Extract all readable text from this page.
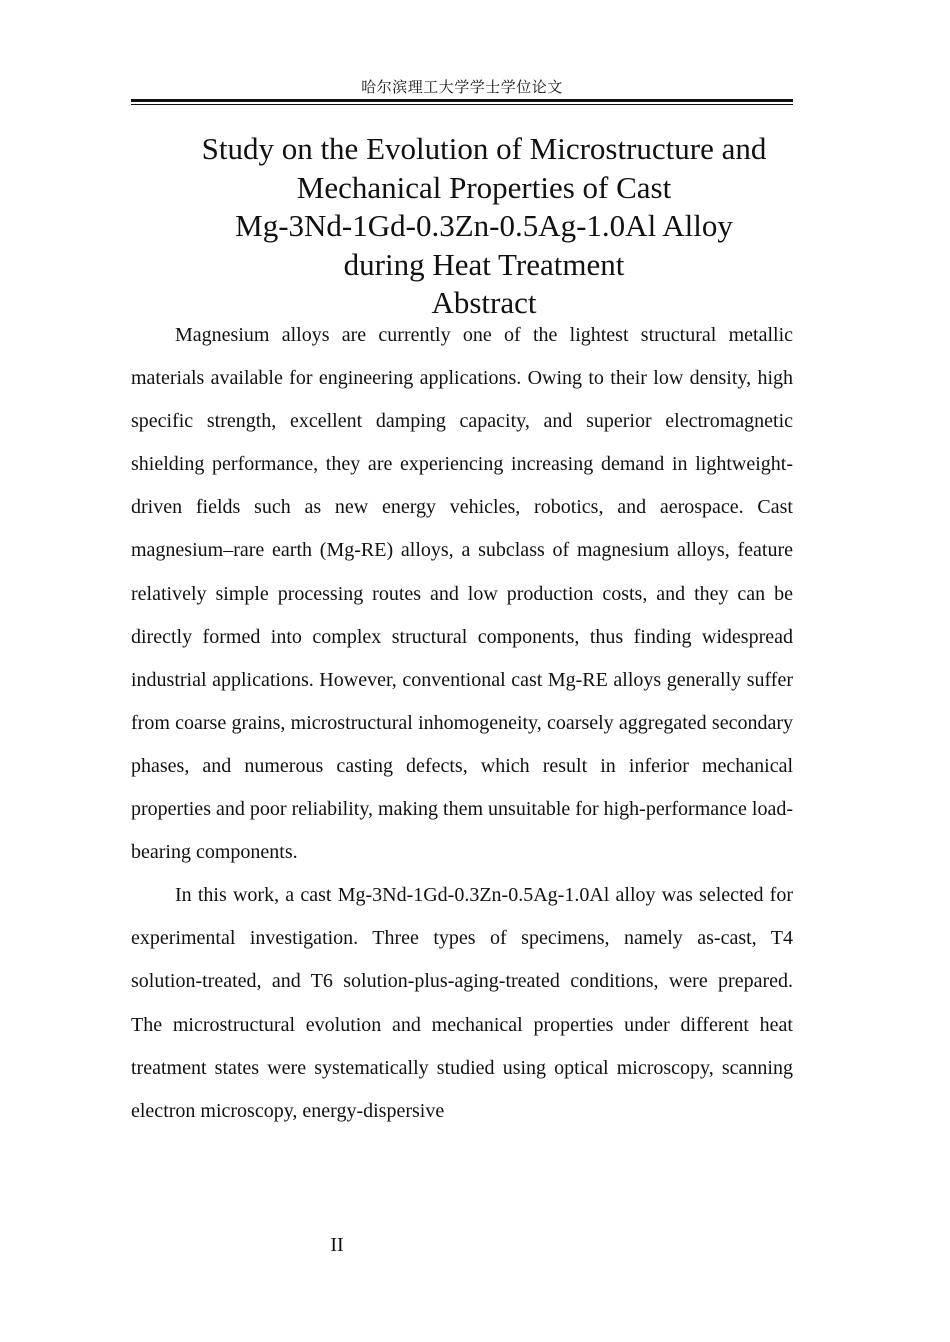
哈尔滨理工大学学士学位论文
Study on the Evolution of Microstructure and
Mechanical Properties of Cast
Mg-3Nd-1Gd-0.3Zn-0.5Ag-1.0Al Alloy
during Heat Treatment
Abstract

Magnesium alloys are currently one of the lightest structural metallic materials available for engineering applications. Owing to their low density, high specific strength, excellent damping capacity, and superior electromagnetic shielding performance, they are experiencing increasing demand in lightweight-driven fields such as new energy vehicles, robotics, and aerospace. Cast magnesium–rare earth (Mg-RE) alloys, a subclass of magnesium alloys, feature relatively simple processing routes and low production costs, and they can be directly formed into complex structural components, thus finding widespread industrial applications. However, conventional cast Mg-RE alloys generally suffer from coarse grains, microstructural inhomogeneity, coarsely aggregated secondary phases, and numerous casting defects, which result in inferior mechanical properties and poor reliability, making them unsuitable for high-performance load-bearing components.

In this work, a cast Mg-3Nd-1Gd-0.3Zn-0.5Ag-1.0Al alloy was selected for experimental investigation. Three types of specimens, namely as-cast, T4 solution-treated, and T6 solution-plus-aging-treated conditions, were prepared. The microstructural evolution and mechanical properties under different heat treatment states were systematically studied using optical microscopy, scanning electron microscopy, energy-dispersive

II
